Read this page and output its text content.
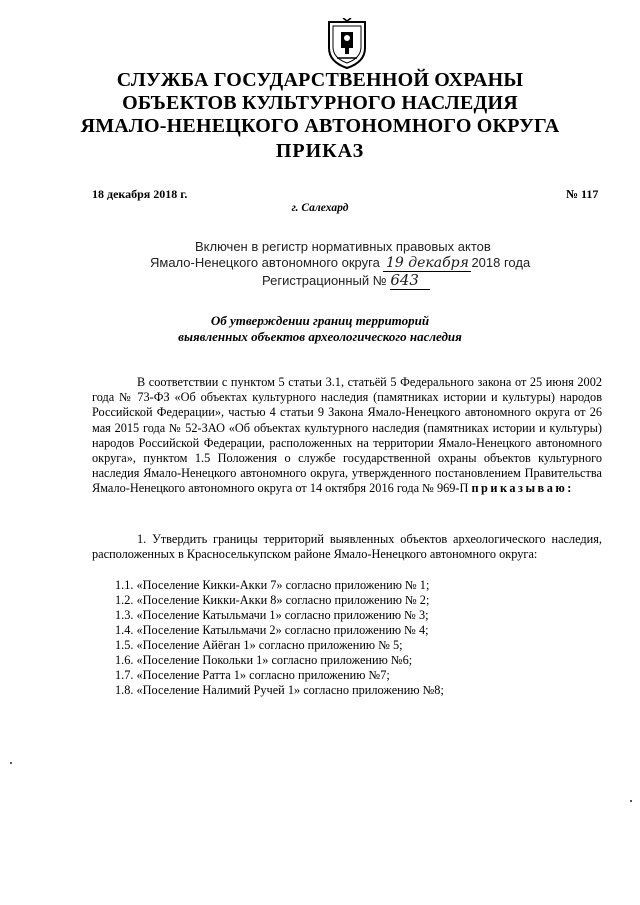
СЛУЖБА ГОСУДАРСТВЕННОЙ ОХРАНЫ
ОБЪЕКТОВ КУЛЬТУРНОГО НАСЛЕДИЯ
ЯМАЛО-НЕНЕЦКОГО АВТОНОМНОГО ОКРУГА
ПРИКАЗ
18 декабря 2018 г.	№ 117
г. Салехард
Включен в регистр нормативных правовых актов
Ямало-Ненецкого автономного округа 19 декабря 2018 года
Регистрационный № 643
Об утверждении границ территорий
выявленных объектов археологического наследия
В соответствии с пунктом 5 статьи 3.1, статьёй 5 Федерального закона от 25 июня 2002 года № 73-ФЗ «Об объектах культурного наследия (памятниках истории и культуры) народов Российской Федерации», частью 4 статьи 9 Закона Ямало-Ненецкого автономного округа от 26 мая 2015 года № 52-ЗАО «Об объектах культурного наследия (памятниках истории и культуры) народов Российской Федерации, расположенных на территории Ямало-Ненецкого автономного округа», пунктом 1.5 Положения о службе государственной охраны объектов культурного наследия Ямало-Ненецкого автономного округа, утвержденного постановлением Правительства Ямало-Ненецкого автономного округа от 14 октября 2016 года № 969-П приказываю:
1. Утвердить границы территорий выявленных объектов археологического наследия, расположенных в Красноселькупском районе Ямало-Ненецкого автономного округа:
1.1. «Поселение Кикки-Акки 7» согласно приложению № 1;
1.2. «Поселение Кикки-Акки 8» согласно приложению № 2;
1.3. «Поселение Катыльмачи 1» согласно приложению № 3;
1.4. «Поселение Катыльмачи 2» согласно приложению № 4;
1.5. «Поселение Айёган 1» согласно приложению № 5;
1.6. «Поселение Покольки 1» согласно приложению №6;
1.7. «Поселение Ратта 1» согласно приложению №7;
1.8. «Поселение Налимий Ручей 1» согласно приложению №8;
